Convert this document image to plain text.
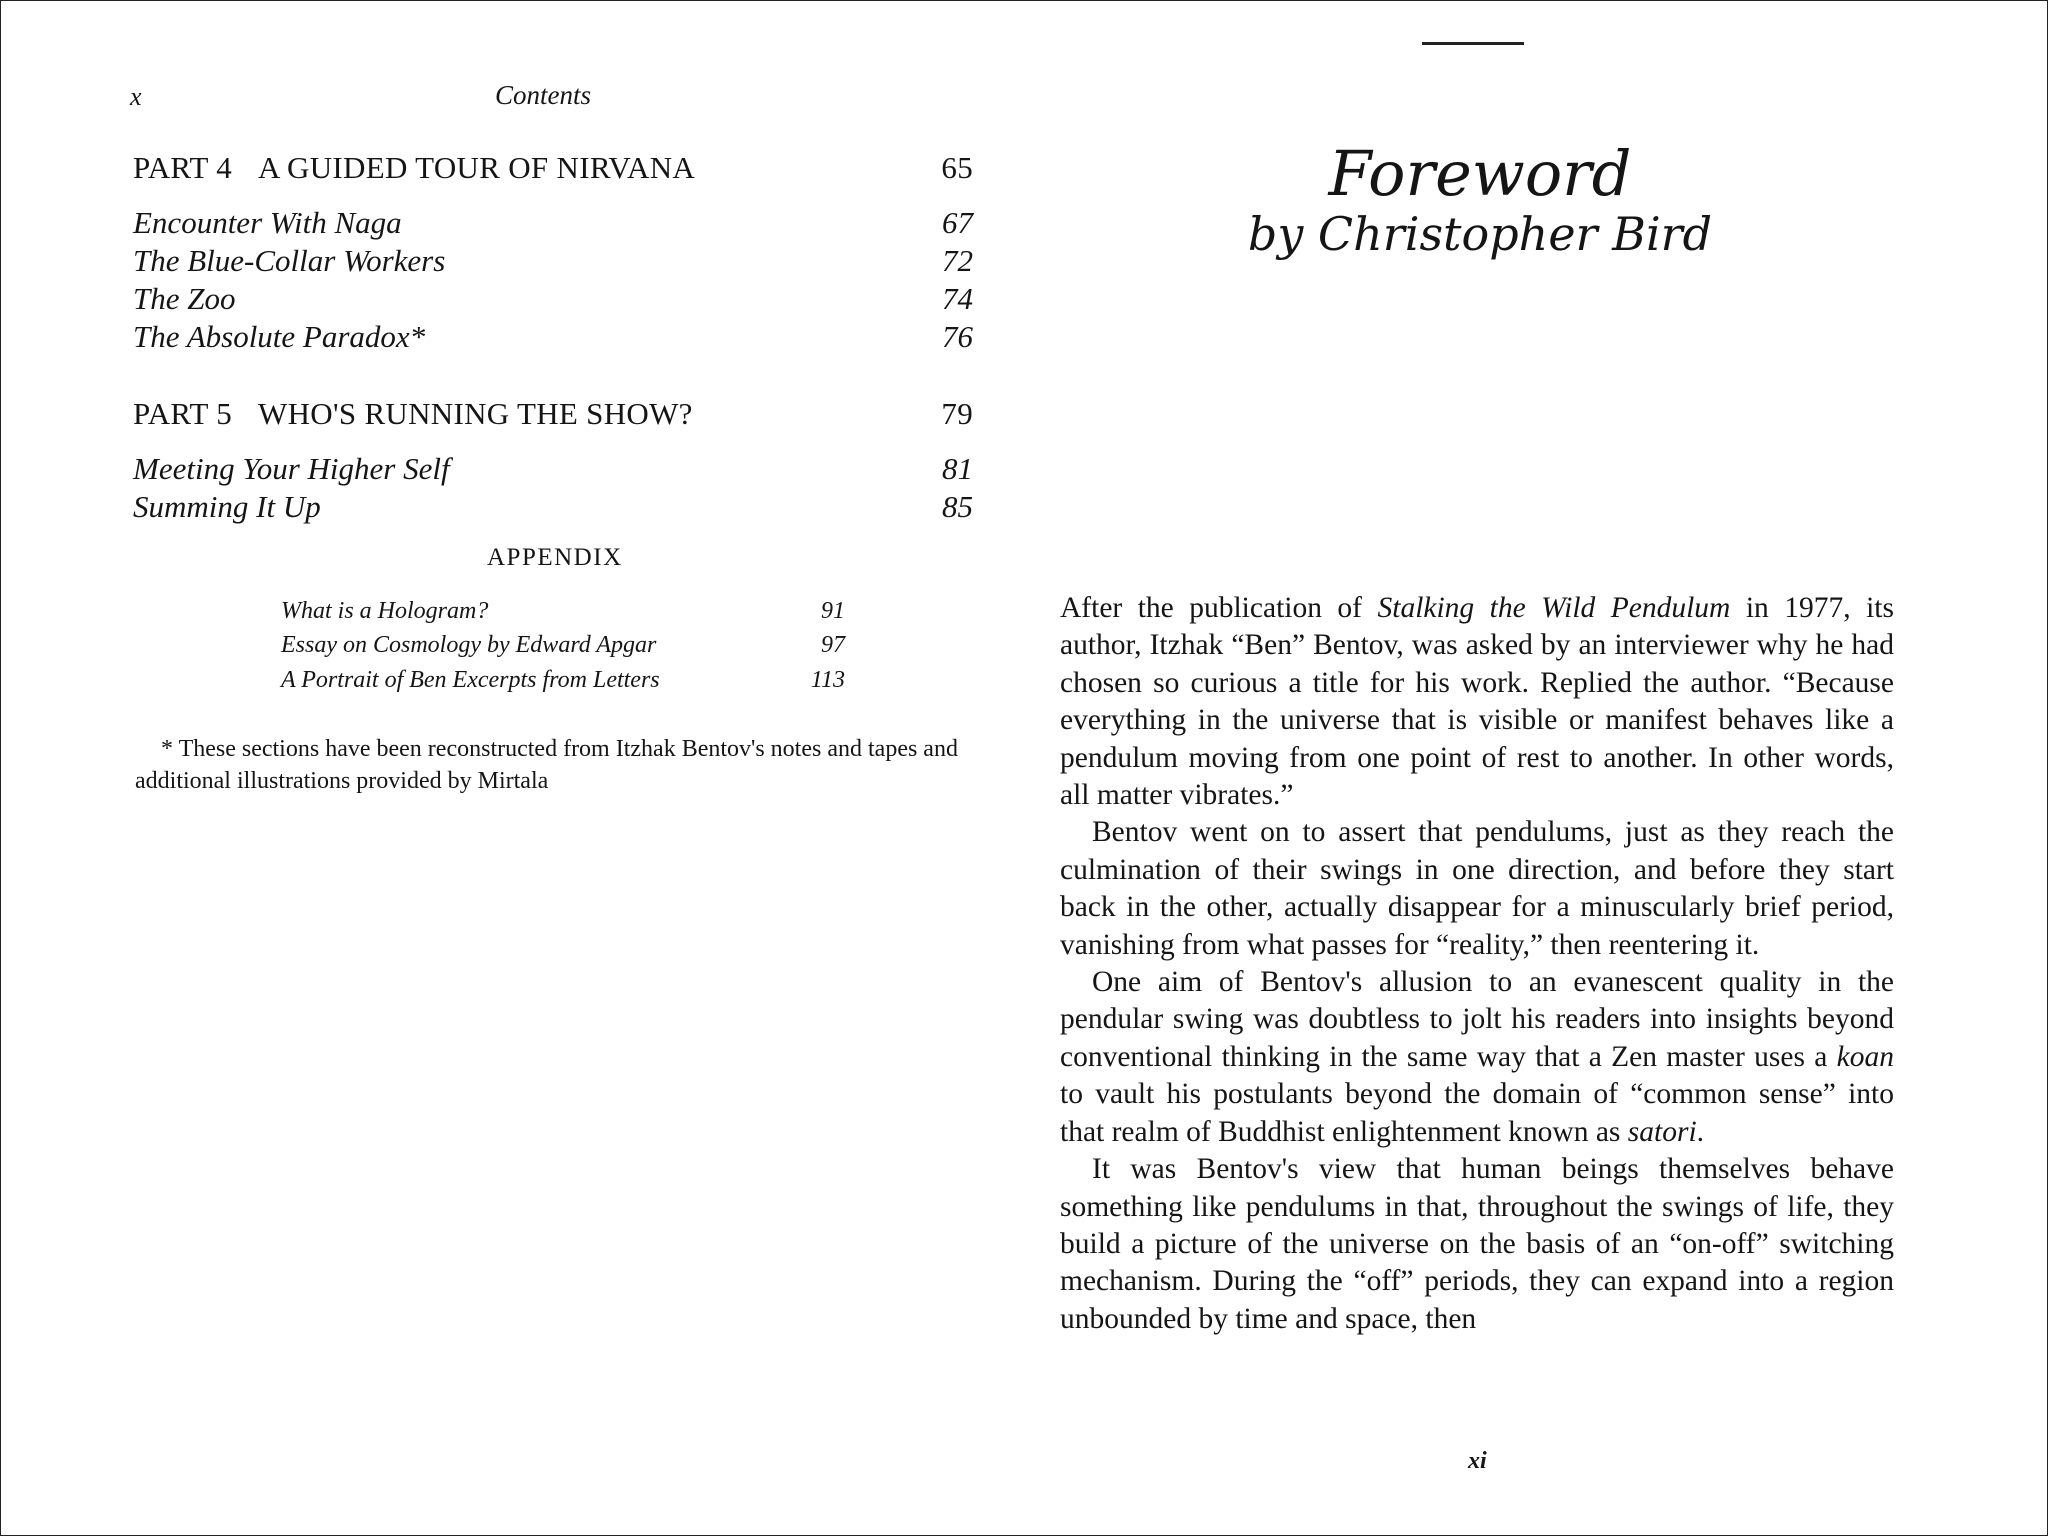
x	Contents
PART 4 A GUIDED TOUR OF NIRVANA	65
Encounter With Naga	67
The Blue-Collar Workers	72
The Zoo	74
The Absolute Paradox*	76
PART 5 WHO'S RUNNING THE SHOW?	79
Meeting Your Higher Self	81
Summing It Up	85
APPENDIX
What is a Hologram?	91
Essay on Cosmology by Edward Apgar	97
A Portrait of Ben Excerpts from Letters	113
* These sections have been reconstructed from Itzhak Bentov's notes and tapes and additional illustrations provided by Mirtala
Foreword
by Christopher Bird

After the publication of Stalking the Wild Pendulum in 1977, its author, Itzhak “Ben” Bentov, was asked by an interviewer why he had chosen so curious a title for his work. Replied the author. “Because everything in the universe that is visible or manifest behaves like a pendulum moving from one point of rest to another. In other words, all matter vibrates.”

Bentov went on to assert that pendulums, just as they reach the culmination of their swings in one direction, and before they start back in the other, actually disappear for a minuscularly brief period, vanishing from what passes for “reality,” then reentering it.

One aim of Bentov's allusion to an evanescent quality in the pendular swing was doubtless to jolt his readers into insights beyond conventional thinking in the same way that a Zen master uses a koan to vault his postulants beyond the domain of “common sense” into that realm of Buddhist enlightenment known as satori.

It was Bentov's view that human beings themselves behave something like pendulums in that, throughout the swings of life, they build a picture of the universe on the basis of an “on-off” switching mechanism. During the “off” periods, they can expand into a region unbounded by time and space, then

xi
